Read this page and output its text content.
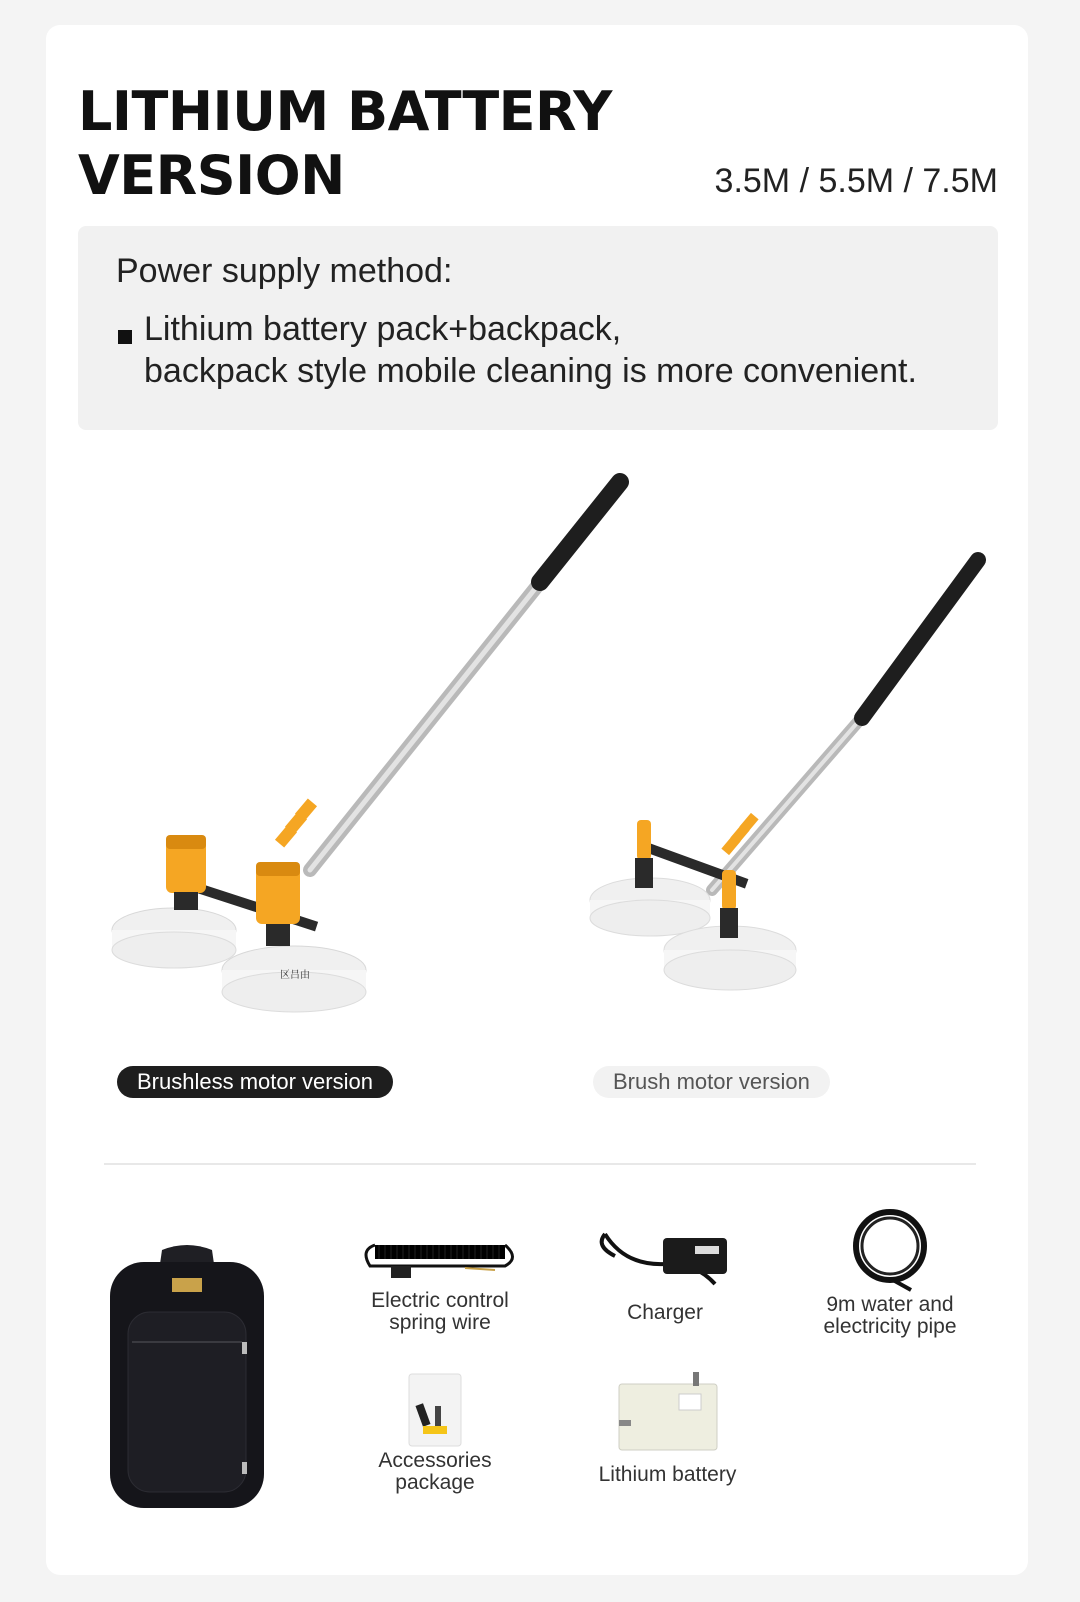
LITHIUM BATTERY
VERSION	3.5M / 5.5M / 7.5M
Power supply method:
Lithium battery pack+backpack,
backpack style mobile cleaning is more convenient.
区吕由
Brushless motor version	Brush motor version
Electric control
spring wire	Charger	9m water and
electricity pipe
Accessories
package	Lithium battery
